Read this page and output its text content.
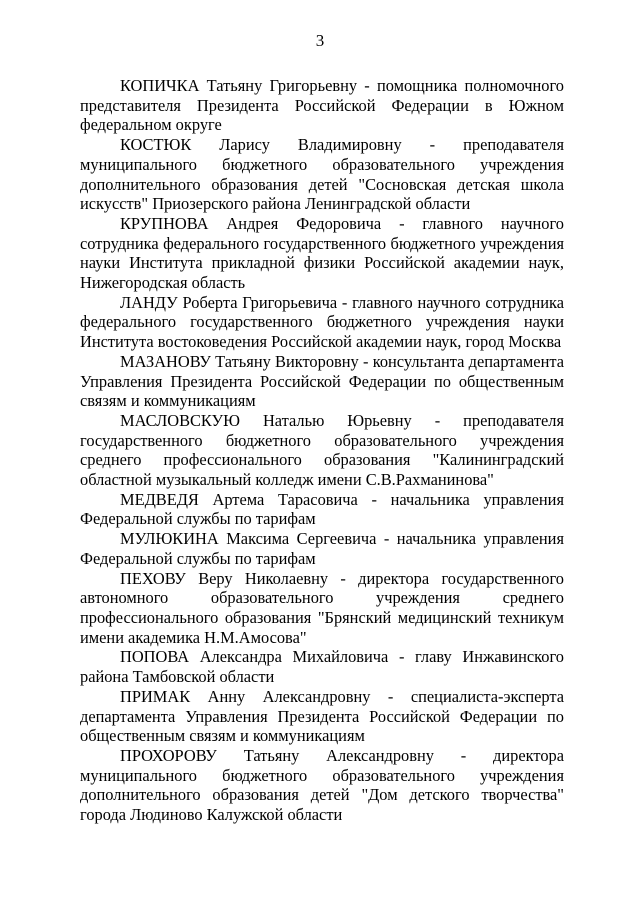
3

КОПИЧКА Татьяну Григорьевну - помощника полномочного представителя Президента Российской Федерации в Южном федеральном округе

КОСТЮК Ларису Владимировну - преподавателя муниципального бюджетного образовательного учреждения дополнительного образования детей "Сосновская детская школа искусств" Приозерского района Ленинградской области

КРУПНОВА Андрея Федоровича - главного научного сотрудника федерального государственного бюджетного учреждения науки Института прикладной физики Российской академии наук, Нижегородская область

ЛАНДУ Роберта Григорьевича - главного научного сотрудника федерального государственного бюджетного учреждения науки Института востоковедения Российской академии наук, город Москва

МАЗАНОВУ Татьяну Викторовну - консультанта департамента Управления Президента Российской Федерации по общественным связям и коммуникациям

МАСЛОВСКУЮ Наталью Юрьевну - преподавателя государственного бюджетного образовательного учреждения среднего профессионального образования "Калининградский областной музыкальный колледж имени С.В.Рахманинова"

МЕДВЕДЯ Артема Тарасовича - начальника управления Федеральной службы по тарифам

МУЛЮКИНА Максима Сергеевича - начальника управления Федеральной службы по тарифам

ПЕХОВУ Веру Николаевну - директора государственного автономного образовательного учреждения среднего профессионального образования "Брянский медицинский техникум имени академика Н.М.Амосова"

ПОПОВА Александра Михайловича - главу Инжавинского района Тамбовской области

ПРИМАК Анну Александровну - специалиста-эксперта департамента Управления Президента Российской Федерации по общественным связям и коммуникациям

ПРОХОРОВУ Татьяну Александровну - директора муниципального бюджетного образовательного учреждения дополнительного образования детей "Дом детского творчества" города Людиново Калужской области
